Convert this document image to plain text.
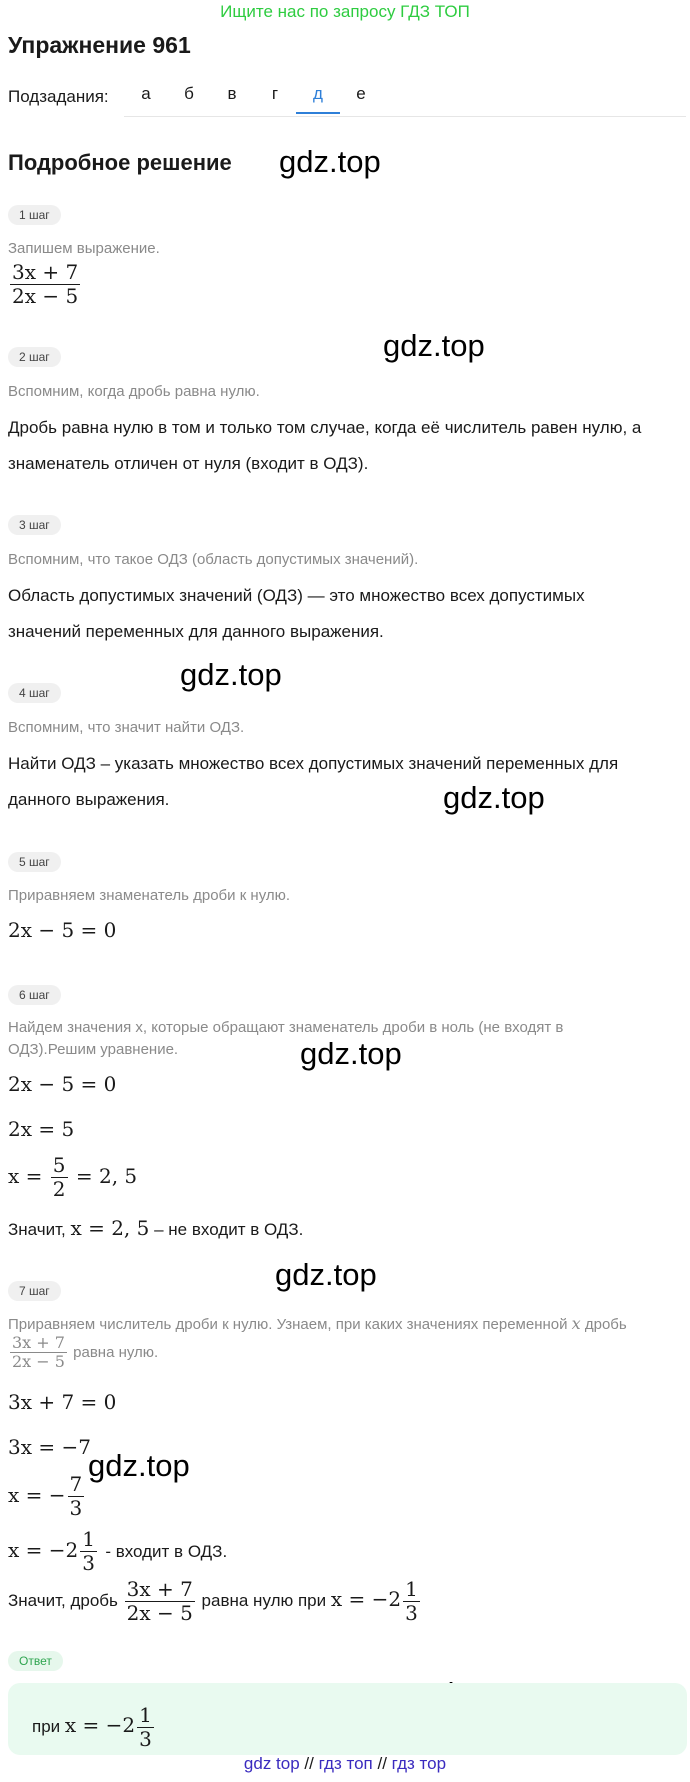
Ищите нас по запросу ГДЗ ТОП
Упражнение 961
Подзадания:	а	б	в	г	д	е
Подробное решение gdz.top
gdz.top
gdz.top
gdz.top
gdz.top
gdz.top
gdz.top
1 шаг
Запишем выражение.
$\frac{3x + 7}{2x - 5}$
2 шаг
Вспомним, когда дробь равна нулю.
Дробь равна нулю в том и только том случае, когда её числитель равен нулю, а
знаменатель отличен от нуля (входит в ОДЗ).
3 шаг
Вспомним, что такое ОДЗ (область допустимых значений).
Область допустимых значений (ОДЗ) — это множество всех допустимых
значений переменных для данного выражения.
4 шаг
Вспомним, что значит найти ОДЗ.
Найти ОДЗ – указать множество всех допустимых значений переменных для
данного выражения.
5 шаг
Приравняем знаменатель дроби к нулю.
2x − 5 = 0
6 шаг
Найдем значения x, которые обращают знаменатель дроби в ноль (не входят в
ОДЗ).Решим уравнение.
2x − 5 = 0
2x = 5
$x = \frac{5}{2} = 2$, 5
Значит, x = 2, 5 – не входит в ОДЗ.
7 шаг
Приравняем числитель дроби к нулю. Узнаем, при каких значениях переменной x дробь
$\frac{3x + 7}{2x - 5}$ равна нулю.
3x + 7 = 0
3x = −7
x = − $\frac{7}{3}$
$x = -2 \frac{1}{3}$ - входит в ОДЗ.
Значит, дробь $\frac{3x + 7}{2x - 5}$ равна нулю при $x = -2 \frac{1}{3}$
Ответ
при $x = -2 \frac{1}{3}$
gdz top // гдз топ // гдз тор
